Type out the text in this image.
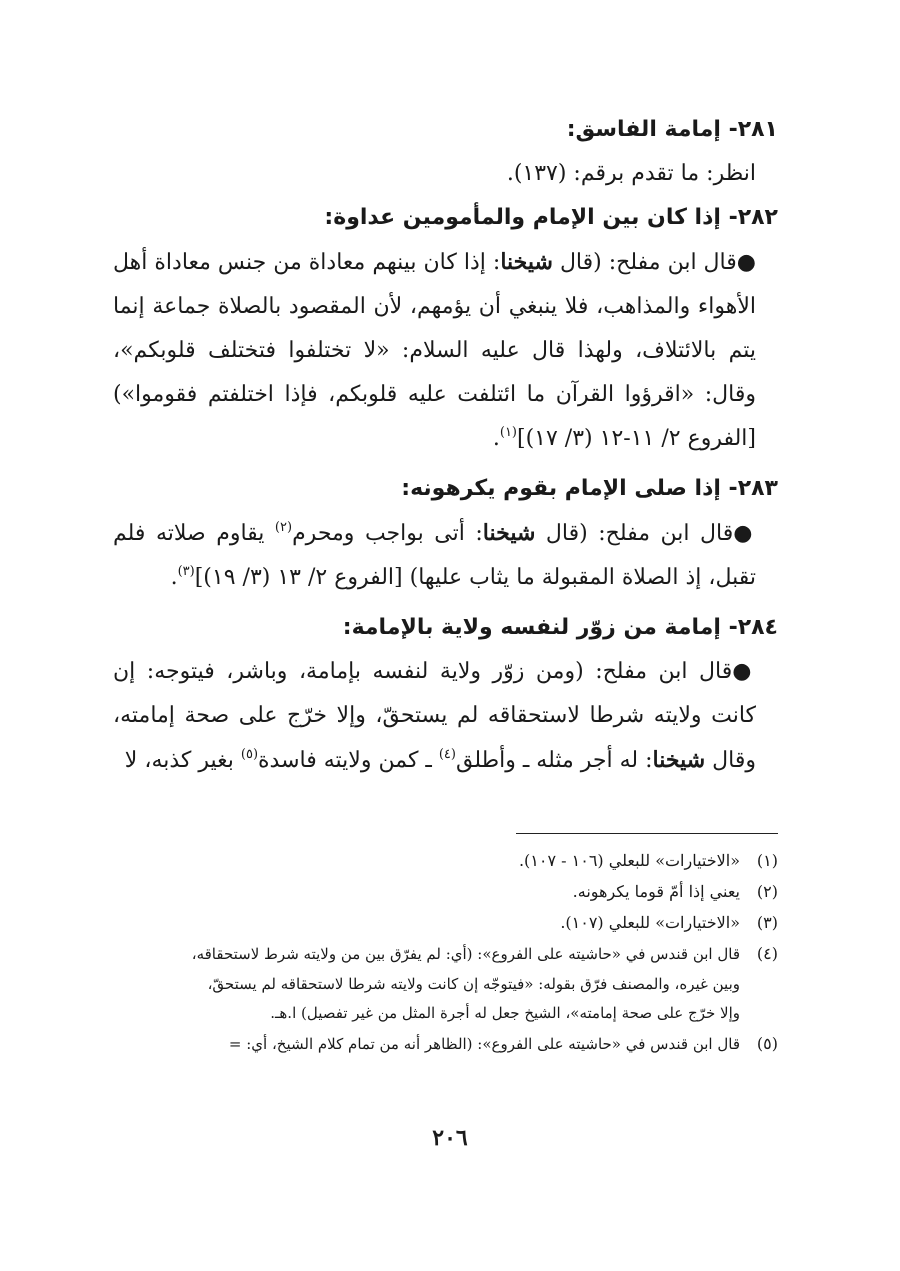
٢٨١- إمامة الفاسق:

انظر: ما تقدم برقم: (١٣٧).

٢٨٢- إذا كان بين الإمام والمأمومين عداوة:

●قال ابن مفلح: (قال شيخنا: إذا كان بينهم معاداة من جنس معاداة أهل الأهواء والمذاهب، فلا ينبغي أن يؤمهم، لأن المقصود بالصلاة جماعة إنما يتم بالائتلاف، ولهذا قال عليه السلام: «لا تختلفوا فتختلف قلوبكم»، وقال: «اقرؤوا القرآن ما ائتلفت عليه قلوبكم، فإذا اختلفتم فقوموا») [الفروع ٢/ ١١-١٢ (٣/ ١٧)]$^{(١)}$.

٢٨٣- إذا صلى الإمام بقوم يكرهونه:

●قال ابن مفلح: (قال شيخنا: أتى بواجب ومحرم$^{(٢)}$ يقاوم صلاته فلم تقبل، إذ الصلاة المقبولة ما يثاب عليها) [الفروع ٢/ ١٣ (٣/ ١٩)]$^{(٣)}$.

٢٨٤- إمامة من زوّر لنفسه ولاية بالإمامة:

●قال ابن مفلح: (ومن زوّر ولاية لنفسه بإمامة، وباشر، فيتوجه: إن كانت ولايته شرطا لاستحقاقه لم يستحقّ، وإلا خرّج على صحة إمامته، وقال شيخنا: له أجر مثله ـ وأطلق$^{(٤)}$ ـ كمن ولايته فاسدة$^{(٥)}$ بغير كذبه، لا

(١)«الاختيارات» للبعلي (١٠٦ - ١٠٧).

(٢)يعني إذا أمّ قوما يكرهونه.

(٣)«الاختيارات» للبعلي (١٠٧).

(٤)قال ابن قندس في «حاشيته على الفروع»: (أي: لم يفرّق بين من ولايته شرط لاستحقاقه،

وبين غيره، والمصنف فرّق بقوله: «فيتوجّه إن كانت ولايته شرطا لاستحقاقه لم يستحقّ،

وإلا خرّج على صحة إمامته»، الشيخ جعل له أجرة المثل من غير تفصيل) ا.هـ.

(٥)قال ابن قندس في «حاشيته على الفروع»: (الظاهر أنه من تمام كلام الشيخ، أي: =

٢٠٦
